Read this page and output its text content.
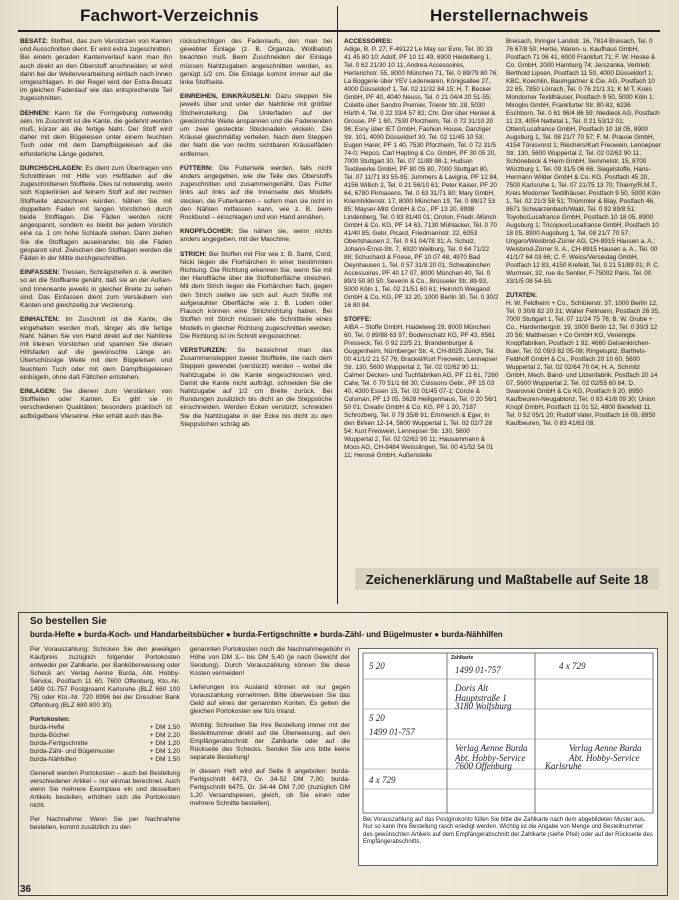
Fachwort-Verzeichnis	Herstellernachweis

BESATZ: Stoffteil, das zum Verstürzen von Kanten und Ausschnitten dient. Er wird extra zugeschnitten. Bei einem geraden Kantenverlauf kann man ihn auch direkt an den Oberstoff anschneiden; er wird dann bei der Weiterverarbeitung einfach nach innen umgeschlagen. In der Regel wird der Extra-Besatz im gleichen Fadenlauf wie das entsprechende Teil zugeschnitten.

DEHNEN: Kann für die Formgebung notwendig sein. Im Zuschnitt ist die Kante, die gedehnt werden muß, kürzer als die fertige Naht. Der Stoff wird daher mit dem Bügeleisen unter einem feuchten Tuch oder mit dem Dampfbügeleisen auf die erforderliche Länge gedehnt.

DURCHSCHLAGEN: Es dient zum Übertragen von Schnittlinien mit Hilfe von Heftfaden auf die zugeschnittenen Stoffteile. Dies ist notwendig, wenn sich Kopierlinien auf feinem Stoff auf der rechten Stoffseite abzeichnen würden. Nähen Sie mit doppeltem Faden mit langen Vorstichen durch beide Stofflagen. Die Fäden werden nicht angespannt, sondern es bleibt bei jedem Vorstich eine ca. 1 cm hohe Schlaufe stehen. Dann ziehen Sie die Stofflagen auseinander, bis die Fäden gespannt sind. Zwischen den Stofflagen werden die Fäden in der Mitte durchgeschnitten.

EINFASSEN: Tressen, Schrägstreifen o. ä. werden so an die Stoffkante genäht, daß sie an der Außen- und Innenkante jeweils in gleicher Breite zu sehen sind. Das Einfassen dient zum Versäubern von Kanten und gleichzeitig zur Verzierung.

EINHALTEN: Im Zuschnitt ist die Kante, die eingehalten werden muß, länger als die fertige Naht. Nähen Sie von Hand direkt auf der Nahtlinie mit kleinen Vorstichen und spannen Sie diesen Hilfsfaden auf die gewünschte Länge an. Überschüssige Weite mit dem Bügeleisen und feuchtem Tuch oder mit dem Dampfbügeleisen einbügeln, ohne daß Fältchen entstehen.

EINLAGEN: Sie dienen zum Verstärken von Stoffteilen oder Kanten. Es gibt sie in verschiedenen Qualitäten; besonders praktisch ist aufbügelbare Vlieseline. Hier erhält auch das Be-

rückschichtigen des Fadenlaufs, den man bei gewebter Einlage (z. B. Organza, Wollbatist) beachten muß. Beim Zuschneiden der Einlage müssen Nahtzugaben angeschnitten werden, es genügt 1/2 cm. Die Einlage kommt immer auf die linke Stoffseite.

EINREIHEN, EINKRÄUSELN: Dazu steppen Sie jeweils über und unter der Nahtlinie mit größter Sticheinstellung. Die Unterfaden auf der gewünschte Weite anspannen und die Fadenenden um zwei gesteckte Stecknadeln wickeln. Die Kräusel gleichmäßig verteilen. Nach dem Steppen der Naht die von rechts sichtbaren Kräuselfäden entfernen.

FÜTTERN: Die Futterteile werden, falls nicht anders angegeben, wie die Teile des Oberstoffs zugeschnitten und zusammengenäht. Das Futter links auf links auf die Innenseite des Modells stecken, die Futterkanten ‒ sofern man sie nicht in den Nähten mitfassen kann, wie z. B. beim Rockbund ‒ einschlagen und von Hand annähen.

KNOPFLÖCHER: Sie nähen sie, wenn nichts anders angegeben, mit der Maschine.

STRICH: Bei Stoffen mit Flor wie z. B. Samt, Cord, Nicki liegen die Florhärchen in einer bestimmten Richtung. Die Richtung erkennen Sie, wenn Sie mit der Handfläche über die Stoffoberfläche streichen. Mit dem Strich liegen die Florhärchen flach, gegen den Strich stellen sie sich auf. Auch Stoffe mit aufgerauhter Oberfläche wie z. B. Loden oder Flausch können eine Strichrichtung haben. Bei Stoffen mit Strich müssen alle Schnittteile eines Modells in gleicher Richtung zugeschnitten werden. Die Richtung ist im Schnitt eingezeichnet.

VERSTURZEN: So bezeichnet man das Zusammensteppen zweier Stoffteile, die nach dem Steppen gewendet (verstürzt) werden ‒ wobei die Nahtzugabe in die Kante eingeschlossen wird. Damit die Kante nicht aufträgt, schneiden Sie die Nahtzugabe auf 1/2 cm Breite zurück. Bei Rundungen zusätzlich bis dicht an die Steppstiche einschneiden. Werden Ecken verstürzt, schneiden Sie die Nahtzugabe in der Ecke bis dicht zu den Steppstichen schräg ab.

ACCESSOIRES:
Adige, B. P. 27, F-49122 Le May sur Evre, Tel. 00 33 41 45 80 10; Adolf, PF 10 11 49, 6900 Heidelberg 1, Tel. 0 62 21/30 10 11; Andrea Accessoires, Herterichstr. 55, 8000 München 71, Tel. 0 89/79 80 76; La Boggerie über YEV Lederwaren, Königsallee 27, 4000 Düsseldorf 1, Tel. 02 11/32 84 15; H. T. Becker GmbH, PF 40, 4040 Neuss, Tel. 0 21 04/4 20 51-55; Colette über Sandro Premier, Trierer Str. 28, 5030 Hürth 4, Tel. 0 22 33/4 57 82; Chr. Dior über Henkel & Grosse, PF 1 60, 7530 Pforzheim, Tel. 0 72 31/10 20 96; Esny über IET GmbH, Fashion House, Danziger Str. 101, 4000 Düsseldorf 30, Tel. 02 11/45 10 53; Eugen Harer, PF 1 40, 7530 Pforzheim, Tel. 0 72 31/5 74-0; Hepco, Carl Hepting & Co. GmbH, PF 30 05 20, 7000 Stuttgart 30, Tel. 07 11/89 98-1; Hudson Textilwerke GmbH, PF 80 05 80, 7000 Stuttgart 80, Tel. 07 11/71 83 55-95; Jummers & Lavigna, PF 12 84, 4156 Willich 2, Tel. 0 21 56/10 61; Peter Kaiser, PF 20 64, 6780 Pirmasens, Tel. 0 63 31/71 80; Mary GmbH, Kriemhildenstr. 17, 8000 München 19, Tel. 0 89/17 53 85; Mayser-Milz GmbH & Co., PF 13 20, 8998 Lindenberg, Tel. 0 83 81/40 01; Oroton, Friedr.-Münch GmbH & Co. KG, PF 14 63, 7130 Mühlacker, Tel. 0 70 41/40 85; Gebr. Picard, Friedmannstr. 22, 6053 Obertshausen 2, Tel. 0 61 04/78 31; A. Schulz, Johann-Ernst-Str. 7, 6920 Weilburg, Tel. 0 64 71/22 88; Schuchard & Friese, PF 10 07 48, 4970 Bad Oeynhausen 1, Tel. 0 57 31/8 20 01; Schwabinchen Accessoires, PF 40 17 07, 8000 München 40, Tel. 0 89/3 50 80 50; Severin & Co., Brüsseler Str. 89-93, 5000 Köln 1, Tel. 02 21/51 60 61; Heinrich Weigand GmbH & Co. KG, PF 32 20, 1000 Berlin 30, Tel. 0 30/2 16 80 84.

STOFFE:
AIBA ‒ Stoffe GmbH, Haidelweg 29, 8000 München 60, Tel. 0 89/88 63 97; Bodenschatz KG, PF 43, 8561 Presseck, Tel. 0 92 22/5 21; Brandenburger & Guggenheim, Nürnberger Str. 4, CH-8025 Zürich, Tel. 00 41/1/2 21 57 76; Brackel/Kurt Freowein, Lennepser Str. 130, 5600 Wuppertal 2, Tel. 02 02/62 90 11; Calmer Decken- und Tuchfabriken AG, PF 11 61, 7260 Calw, Tel. 0 70 51/1 68 30; Coissons Gebr., PF 15 03 40, 4300 Essen 15, Tel. 02 01/45 07-1; Conze & Colsman, PF 13 05, 5628 Heiligenhaus, Tel. 0 20 56/1 50 01; Creativ GmbH & Co. KG, PF 1 20, 7187 Schrozberg, Tel. 0 79 35/8 91; Emmerich & Eger, In den Birken 12-14, 5600 Wuppertal 1, Tel. 02 02/7 28 54; Kurt Freowein, Lennepser Str. 130, 5600 Wuppertal 2, Tel. 02 02/62 90 11; Hausammann & Moos AG, CH-8484 Weisslingen, Tel. 00 41/52 54 01 11; Herosé GmbH, Außenstelle

Breisach, Ihringer Landstr. 16, 7814 Breisach, Tel. 0 76 67/8 50; Hertie, Waren- u. Kaufhaus GmbH, Postfach 71 06 41, 6000 Frankfurt 71; F. W. Heske & Co. GmbH, 2000 Hamburg 74; Jerszanka, Vertrieb: Berthold Lipsen, Postfach 11 50, 4000 Düsseldorf 1; KBC, Koechlin, Baumgartner & Cie. AG, Postfach 10 22 65, 7850 Lörrach, Tel. 0 76 21/1 31; K M T, Kreis Mondorner Textilhäuser, Postfach 9 50, 5000 Köln 1; Miroglio GmbH, Frankfurter Str. 80-82, 6236 Eschborn, Tel. 0 61 96/4 86 59; Niedieck AG, Postfach 11 23, 4054 Nettetal 1, Tel. 0 21 53/12 01; Otten/Lucafrance GmbH, Postfach 10 18 05, 8900 Augsburg 1, Tel. 08 21/7 70 57; F. M. Prause GmbH, 4154 Tönisvorst 1; Riechers/Kurt Freowein, Lennepser Str. 130, 5600 Wuppertal 2, Tel. 02 02/62 90 11; Schönebeck & Heim GmbH, Semmelstr. 15, 8700 Würzburg 1, Tel. 09 31/5 06 66; Siegelstoffe, Hans-Hermann Wilder GmbH & Co. KG, Postfach 45 20, 7500 Karlsruhe 1, Tel. 07 21/75 13 70; Thierry/R.M.T., Kreis Modorner Textilhäuser, Postfach 9 50, 5000 Köln 1, Tel. 02 21/3 58 51; Thümmler & Blay, Postfach 46, 8671 Schwarzenbach/Wald, Tel. 0 92 89/8 51; Toyobo/Lucafrance GmbH, Postfach 10 18 05, 8900 Augsburg 1; Tricojoux/Lucafrance GmbH, Postfach 10 18 05, 8900 Augsburg 1, Tel. 08 21/7 70 57; Ungaro/Weisbrod-Zürrer AG, CH-8915 Hausen a. A.; Weisbrod-Zürrer S. A., CH-8915 Hausen a. A., Tel. 00 41/1/7 64 03 66; C. F. Weiss/Verseidag GmbH, Postfach 12 83, 4150 Krefeld, Tel. 0 21 51/89 01; P. C. Wurmser, 32, rue du Sentier, F-75002 Paris, Tel. 00 33/1/5 08 54-59.

ZUTATEN:
H. W. Feldheim + Co., Schlüterstr. 37, 1000 Berlin 12, Tel. 0 30/8 82 20 31; Walter Fellmann, Postfach 26 35, 7000 Stuttgart 1, Tel. 07 11/24 75 76; B. W. Grube + Co., Hardenbergstr. 19, 1000 Berlin 12, Tel. 0 30/3 12 20 56; Mattheisen + Co GmbH KG, Vereinigte Knopffabriken, Postfach 1 92, 4660 Gelsenkirchen-Buer, Tel. 02 09/3 82 05-08; Ringelspitz, Barthels-Feldhoff GmbH & Co., Postfach 20 10 60, 5600 Wuppertal 2, Tel. 02 02/64 70 04; H. A. Schmitz GmbH, Mech. Band- und Litzenfabrik, Postfach 20 14 07, 5600 Wuppertal 2, Tel. 02 02/55 60 84; D. Swarovski GmbH & Co KG, Postfach 9 20, 8950 Kaufbeuren-Neugablonz, Tel. 0 83 41/8 09 30; Union Knopf GmbH, Postfach 11 01 52, 4800 Bielefeld 11, Tel. 0 52 05/1 20; Rudolf Vater, Postfach 16 09, 8950 Kaufbeuren, Tel. 0 83 41/63 08.

Zeichenerklärung und Maßtabelle auf Seite 18
So bestellen Sie
burda-Hefte ● burda-Koch- und Handarbeitsbücher ● burda-Fertigschnitte ● burda-Zähl- und Bügelmuster ● burda-Nähhilfen

Per Vorauszahlung: Schicken Sie den jeweiligen Kaufpreis zuzüglich folgender Portokosten entweder per Zahlkarte, per Banküberweisung oder Scheck an: Verlag Aenne Burda, Abt. Hobby-Service, Postfach 11 60, 7600 Offenburg, Kto.-Nr. 1499 01-757 Postgiroamt Karlsruhe (BLZ 660 100 75) oder Kto.-Nr. 720 8996 bei der Dresdner Bank Offenburg (BLZ 680 800 30).

Portokosten:
burda-Hefte	+ DM 1,50
burda-Bücher	+ DM 2,20
burda-Fertigschnitte	+ DM 1,20
burda-Zähl- und Bügelmuster	+ DM 1,20
burda-Nähhilfen	+ DM 1,50

Generell werden Portokosten ‒ auch bei Bestellung verschiedener Artikel ‒ nur einmal berechnet. Auch wenn Sie mehrere Exemplare ein und desselben Artikels bestellen, erhöhen sich die Portokosten nicht.

Per Nachnahme: Wenn Sie per Nachnahme bestellen, kommt zusätzlich zu den

genannten Portokosten noch die Nachnahmegebühr in Höhe von DM 3,‒ bis DM 5,40 (je nach Gewicht der Sendung). Durch Vorauszahlung können Sie diese Kosten vermeiden!

Lieferungen ins Ausland können wir nur gegen Vorauszahlung vornehmen. Bitte überweisen Sie das Geld auf eines der genannten Konten. Es gelten die gleichen Portokosten wie fürs Inland.

Wichtig: Schreiben Sie Ihre Bestellung immer mit der Bestellnummer direkt auf die Überweisung, auf den Empfängerabschnitt der Zahlkarte oder auf die Rückseite des Schecks. Senden Sie uns bitte keine separate Bestellung!

In diesem Heft wird auf Seite 8 angeboten: burda-Fertigschnitt 6473, Gr. 34-52 DM 7,00; burda-Fertigschnitt 6475, Gr. 34-44 DM 7,00 (zuzüglich DM 1,20 Versandspesen, gleich, ob Sie einen oder mehrere Schnitte bestellen).

Zahlkarte
5 20	1499 01-757	4 x 729
Doris Alt
Hauptstraße 1
3180 Wolfsburg
5 20
1499 01-757
Verlag Aenne Burda
Abt. Hobby-Service
7600 Offenburg	Karlsruhe
Verlag Aenne Burda
Abt. Hobby-Service
4 x 729
Bei Vorauszahlung auf das Postgirokonto füllen Sie bitte die Zahlkarte nach dem abgebildeten Muster aus. Nur so kann Ihre Bestellung rasch erledigt werden. Wichtig ist die Angabe von Menge und Bestellnummer des gewünschten Artikels auf dem Empfängerabschnitt der Zahlkarte (siehe Pfeil) oder auf der Rückseite des Empfängerabschnitts.
36
